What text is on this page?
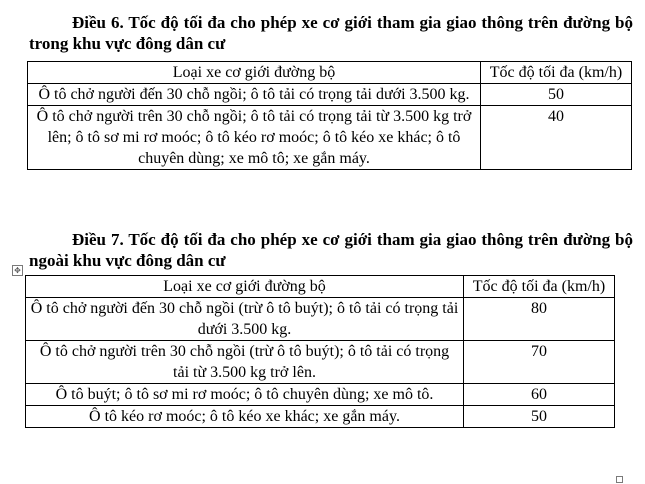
Điều 6. Tốc độ tối đa cho phép xe cơ giới tham gia giao thông trên đường bộ trong khu vực đông dân cư
Loại xe cơ giới đường bộ	Tốc độ tối đa (km/h)
Ô tô chở người đến 30 chỗ ngồi; ô tô tải có trọng tải dưới 3.500 kg.	50
Ô tô chở người trên 30 chỗ ngồi; ô tô tải có trọng tải từ 3.500 kg trở lên; ô tô sơ mi rơ moóc; ô tô kéo rơ moóc; ô tô kéo xe khác; ô tô chuyên dùng; xe mô tô; xe gắn máy.	40
Điều 7. Tốc độ tối đa cho phép xe cơ giới tham gia giao thông trên đường bộ ngoài khu vực đông dân cư
✥
Loại xe cơ giới đường bộ	Tốc độ tối đa (km/h)
Ô tô chở người đến 30 chỗ ngồi (trừ ô tô buýt); ô tô tải có trọng tải dưới 3.500 kg.	80
Ô tô chở người trên 30 chỗ ngồi (trừ ô tô buýt); ô tô tải có trọng tải từ 3.500 kg trở lên.	70
Ô tô buýt; ô tô sơ mi rơ moóc; ô tô chuyên dùng; xe mô tô.	60
Ô tô kéo rơ moóc; ô tô kéo xe khác; xe gắn máy.	50
